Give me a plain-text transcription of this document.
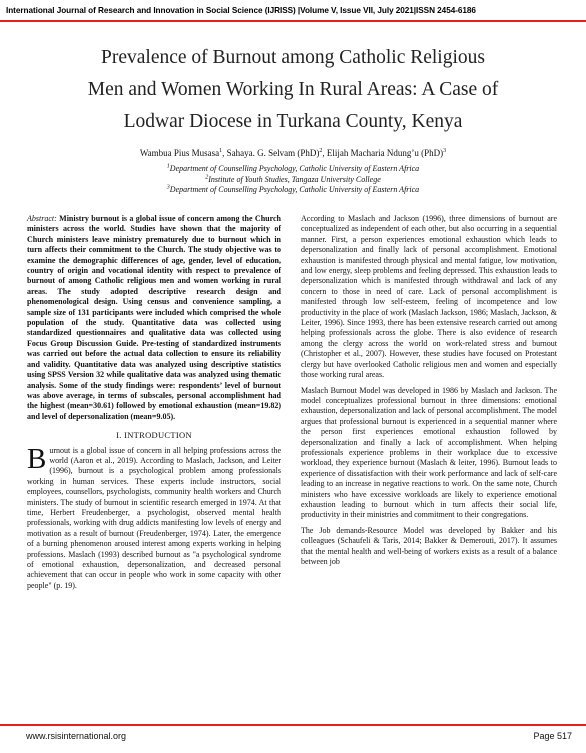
International Journal of Research and Innovation in Social Science (IJRISS) |Volume V, Issue VII, July 2021|ISSN 2454-6186
Prevalence of Burnout among Catholic Religious
Men and Women Working In Rural Areas: A Case of
Lodwar Diocese in Turkana County, Kenya
Wambua Pius Musasa$^1$, Sahaya. G. Selvam (PhD)$^2$, Elijah Macharia Ndung’u (PhD)$^3$
$^1$Department of Counselling Psychology, Catholic University of Eastern Africa
$^2$Institute of Youth Studies, Tangaza University College
$^3$Department of Counselling Psychology, Catholic University of Eastern Africa
Abstract: Ministry burnout is a global issue of concern among the Church ministers across the world. Studies have shown that the majority of Church ministers leave ministry prematurely due to burnout which in turn affects their commitment to the Church. The study objective was to examine the demographic differences of age, gender, level of education, country of origin and vocational identity with respect to prevalence of burnout of among Catholic religious men and women working in rural areas. The study adopted descriptive research design and phenomenological design. Using census and convenience sampling, a sample size of 131 participants were included which comprised the whole population of the study. Quantitative data was collected using standardized questionnaires and qualitative data was collected using Focus Group Discussion Guide. Pre-testing of standardized instruments was carried out before the actual data collection to ensure its reliability and validity. Quantitative data was analyzed using descriptive statistics using SPSS Version 32 while qualitative data was analyzed using thematic analysis. Some of the study findings were: respondents’ level of burnout was above average, in terms of subscales, personal accomplishment had the highest (mean=30.61) followed by emotional exhaustion (mean=19.82) and level of depersonalization (mean=9.05).
I. INTRODUCTION
Burnout is a global issue of concern in all helping professions across the world (Aaron et al., 2019). According to Maslach, Jackson, and Leiter (1996), burnout is a psychological problem among professionals working in human services. These experts include instructors, social employees, counsellors, psychologists, community health workers and Church ministers. The study of burnout in scientific research emerged in 1974. At that time, Herbert Freudenberger, a psychologist, observed mental health professionals, working with drug addicts manifesting low levels of energy and motivation as a result of burnout (Freudenberger, 1974). Later, the emergence of a burning phenomenon aroused interest among experts working in helping professions. Maslach (1993) described burnout as "a psychological syndrome of emotional exhaustion, depersonalization, and decreased personal achievement that can occur in people who work in some capacity with other people" (p. 19).
According to Maslach and Jackson (1996), three dimensions of burnout are conceptualized as independent of each other, but also occurring in a sequential manner. First, a person experiences emotional exhaustion which leads to depersonalization and finally lack of personal accomplishment. Emotional exhaustion is manifested through physical and mental fatigue, low motivation, and low energy, sleep problems and feeling depressed. This exhaustion leads to depersonalization which is manifested through withdrawal and lack of any concern to those in need of care. Lack of personal accomplishment is manifested through low self-esteem, feeling of incompetence and low productivity in the place of work (Maslach Jackson, 1986; Maslach, Jackson, & Leiter, 1996). Since 1993, there has been extensive research carried out among helping professionals across the globe. There is also evidence of research among the clergy across the world on work-related stress and burnout (Christopher et al., 2007). However, these studies have focused on Protestant clergy but have overlooked Catholic religious men and women and especially those working rural areas.
Maslach Burnout Model was developed in 1986 by Maslach and Jackson. The model conceptualizes professional burnout in three dimensions: emotional exhaustion, depersonalization and lack of personal accomplishment. The model argues that professional burnout is experienced in a sequential manner where the person first experiences emotional exhaustion followed by depersonalization and finally a lack of accomplishment. When helping professionals experience problems in their workplace due to excessive workload, they experience burnout (Maslach & leiter, 1996). Burnout leads to experience of dissatisfaction with their work performance and lack of self-care leading to an increase in negative reactions to work. On the same note, Church ministers who have excessive workloads are likely to experience emotional exhaustion leading to burnout which in turn affects their social life, productivity in their ministries and commitment to their congregations.
The Job demands-Resource Model was developed by Bakker and his colleagues (Schaufeli & Taris, 2014; Bakker & Demerouti, 2017). It assumes that the mental health and well-being of workers exists as a result of a balance between job
www.rsisinternational.org	Page 517
